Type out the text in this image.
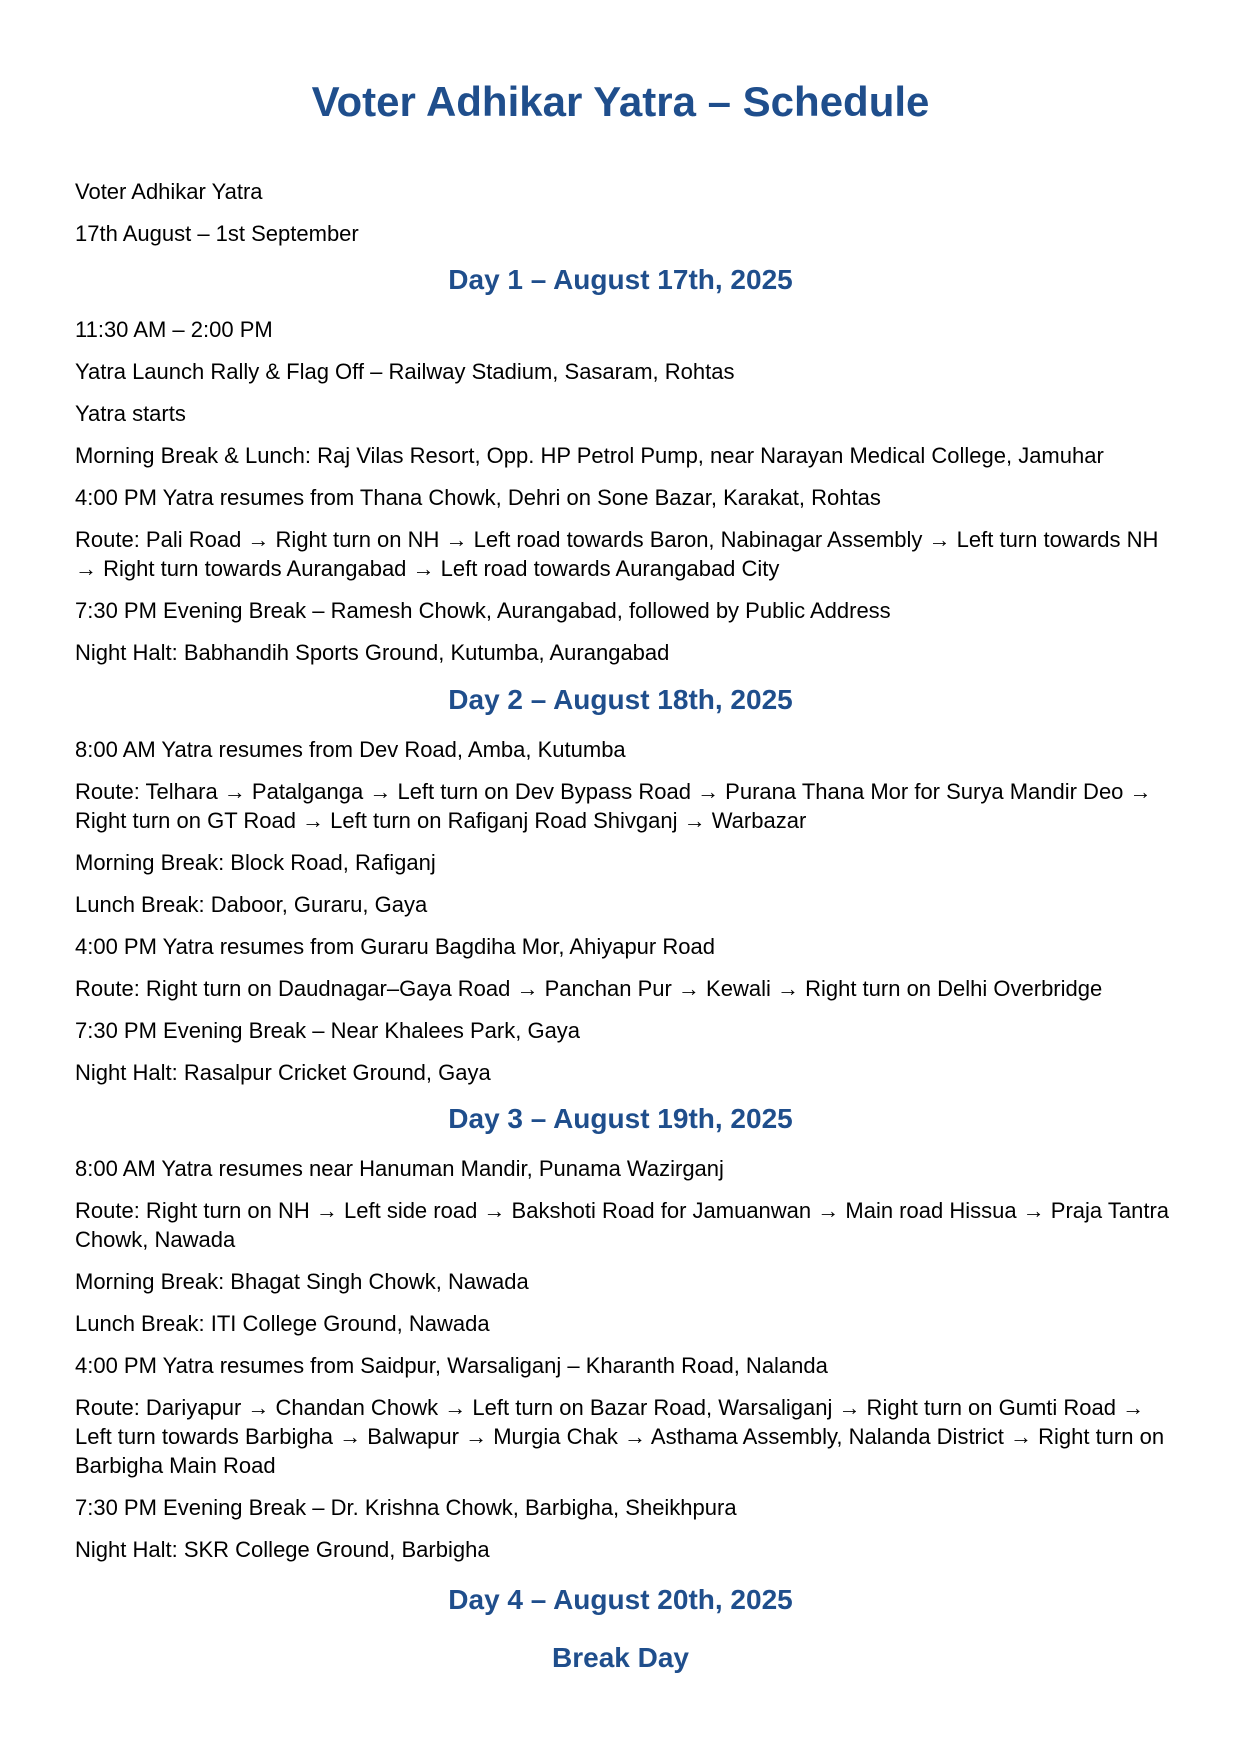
Voter Adhikar Yatra – Schedule

Voter Adhikar Yatra

17th August – 1st September

Day 1 – August 17th, 2025

11:30 AM – 2:00 PM

Yatra Launch Rally & Flag Off – Railway Stadium, Sasaram, Rohtas

Yatra starts

Morning Break & Lunch: Raj Vilas Resort, Opp. HP Petrol Pump, near Narayan Medical College, Jamuhar

4:00 PM Yatra resumes from Thana Chowk, Dehri on Sone Bazar, Karakat, Rohtas

Route: Pali Road → Right turn on NH → Left road towards Baron, Nabinagar Assembly → Left turn towards NH → Right turn towards Aurangabad → Left road towards Aurangabad City

7:30 PM Evening Break – Ramesh Chowk, Aurangabad, followed by Public Address

Night Halt: Babhandih Sports Ground, Kutumba, Aurangabad

Day 2 – August 18th, 2025

8:00 AM Yatra resumes from Dev Road, Amba, Kutumba

Route: Telhara → Patalganga → Left turn on Dev Bypass Road → Purana Thana Mor for Surya Mandir Deo → Right turn on GT Road → Left turn on Rafiganj Road Shivganj → Warbazar

Morning Break: Block Road, Rafiganj

Lunch Break: Daboor, Guraru, Gaya

4:00 PM Yatra resumes from Guraru Bagdiha Mor, Ahiyapur Road

Route: Right turn on Daudnagar–Gaya Road → Panchan Pur → Kewali → Right turn on Delhi Overbridge

7:30 PM Evening Break – Near Khalees Park, Gaya

Night Halt: Rasalpur Cricket Ground, Gaya

Day 3 – August 19th, 2025

8:00 AM Yatra resumes near Hanuman Mandir, Punama Wazirganj

Route: Right turn on NH → Left side road → Bakshoti Road for Jamuanwan → Main road Hissua → Praja Tantra Chowk, Nawada

Morning Break: Bhagat Singh Chowk, Nawada

Lunch Break: ITI College Ground, Nawada

4:00 PM Yatra resumes from Saidpur, Warsaliganj – Kharanth Road, Nalanda

Route: Dariyapur → Chandan Chowk → Left turn on Bazar Road, Warsaliganj → Right turn on Gumti Road → Left turn towards Barbigha → Balwapur → Murgia Chak → Asthama Assembly, Nalanda District → Right turn on Barbigha Main Road

7:30 PM Evening Break – Dr. Krishna Chowk, Barbigha, Sheikhpura

Night Halt: SKR College Ground, Barbigha

Day 4 – August 20th, 2025
Break Day
